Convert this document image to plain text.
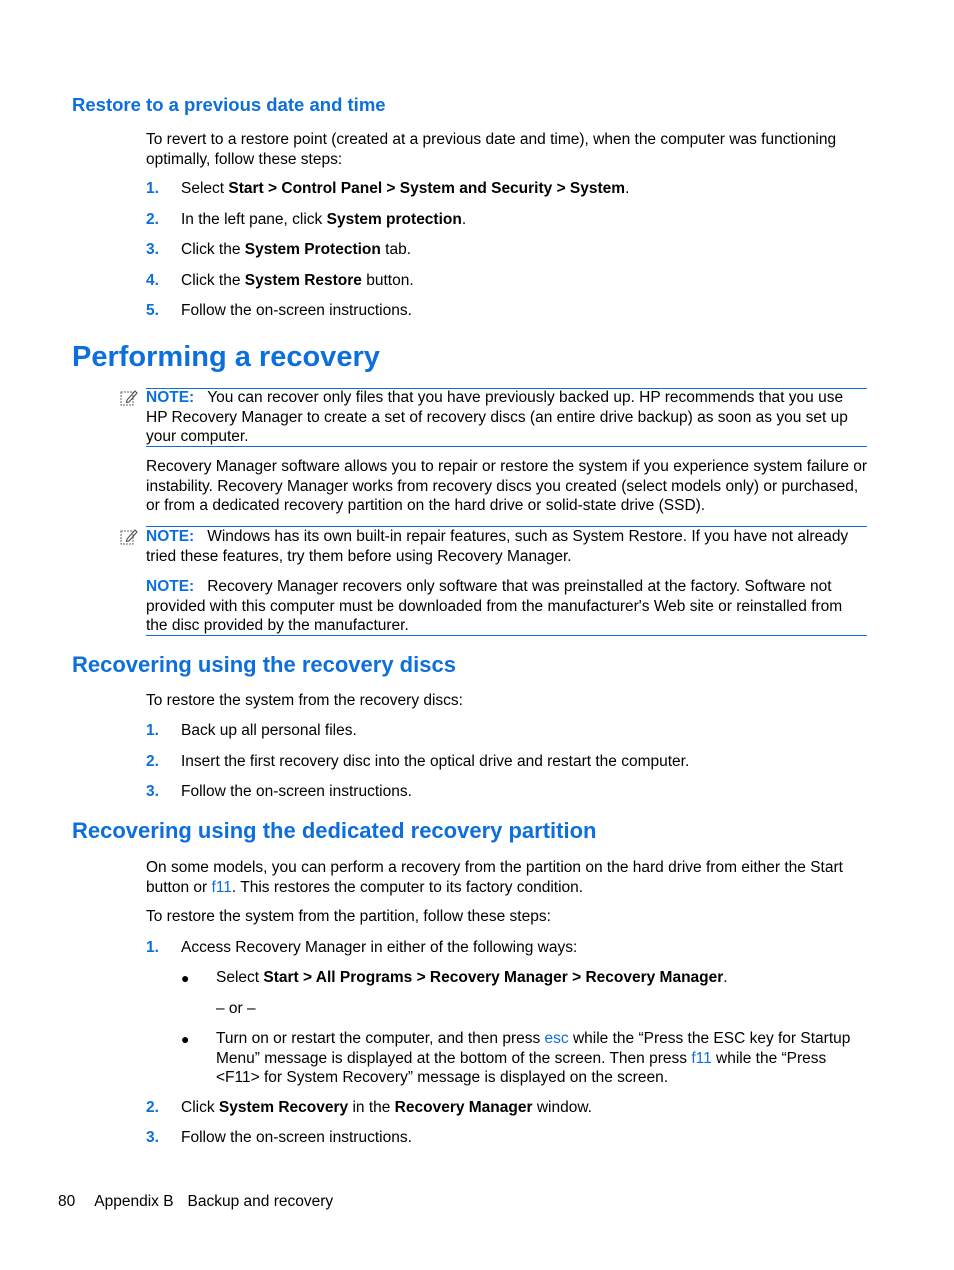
Restore to a previous date and time

To revert to a restore point (created at a previous date and time), when the computer was functioning optimally, follow these steps:

1. Select Start > Control Panel > System and Security > System.
2. In the left pane, click System protection.
3. Click the System Protection tab.
4. Click the System Restore button.
5. Follow the on-screen instructions.
Performing a recovery

NOTE: You can recover only files that you have previously backed up. HP recommends that you use HP Recovery Manager to create a set of recovery discs (an entire drive backup) as soon as you set up your computer.

Recovery Manager software allows you to repair or restore the system if you experience system failure or instability. Recovery Manager works from recovery discs you created (select models only) or purchased, or from a dedicated recovery partition on the hard drive or solid-state drive (SSD).

NOTE: Windows has its own built-in repair features, such as System Restore. If you have not already tried these features, try them before using Recovery Manager.

NOTE: Recovery Manager recovers only software that was preinstalled at the factory. Software not provided with this computer must be downloaded from the manufacturer's Web site or reinstalled from the disc provided by the manufacturer.

Recovering using the recovery discs

To restore the system from the recovery discs:

1. Back up all personal files.
2. Insert the first recovery disc into the optical drive and restart the computer.
3. Follow the on-screen instructions.
Recovering using the dedicated recovery partition

On some models, you can perform a recovery from the partition on the hard drive from either the Start button or f11. This restores the computer to its factory condition.

To restore the system from the partition, follow these steps:

1. Access Recovery Manager in either of the following ways:
● Select Start > All Programs > Recovery Manager > Recovery Manager.
– or –
● Turn on or restart the computer, and then press esc while the “Press the ESC key for Startup Menu” message is displayed at the bottom of the screen. Then press f11 while the “Press <F11> for System Recovery” message is displayed on the screen.
2. Click System Recovery in the Recovery Manager window.
3. Follow the on-screen instructions.
80 Appendix B Backup and recovery
